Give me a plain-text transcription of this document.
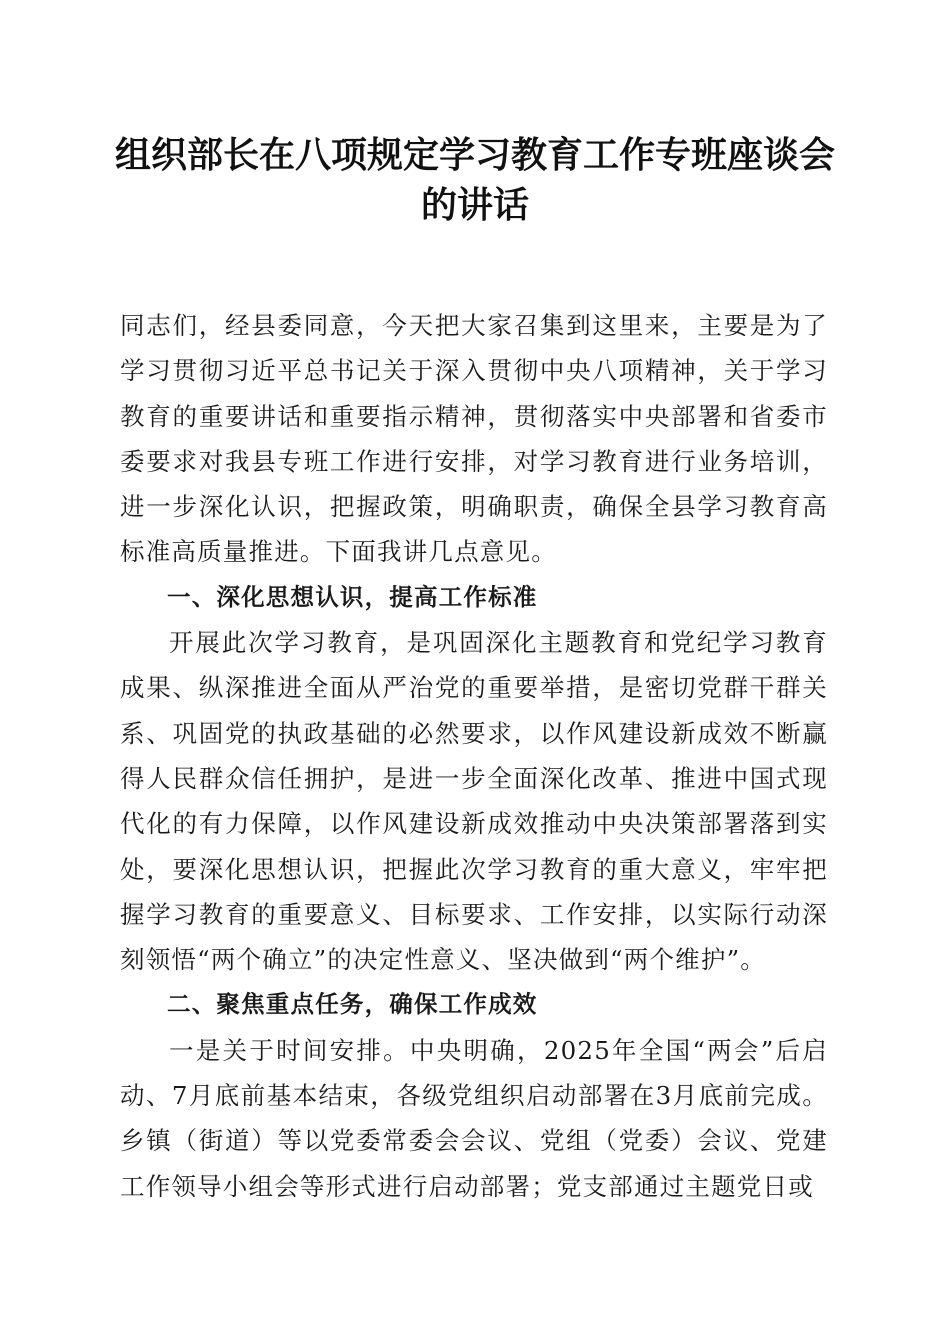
组织部长在八项规定学习教育工作专班座谈会的讲话

同志们，经县委同意，今天把大家召集到这里来，主要是为了学习贯彻习近平总书记关于深入贯彻中央八项精神，关于学习教育的重要讲话和重要指示精神，贯彻落实中央部署和省委市委要求对我县专班工作进行安排，对学习教育进行业务培训，进一步深化认识，把握政策，明确职责，确保全县学习教育高标准高质量推进。下面我讲几点意见。

一、深化思想认识，提高工作标准

开展此次学习教育，是巩固深化主题教育和党纪学习教育成果、纵深推进全面从严治党的重要举措，是密切党群干群关系、巩固党的执政基础的必然要求，以作风建设新成效不断赢得人民群众信任拥护，是进一步全面深化改革、推进中国式现代化的有力保障，以作风建设新成效推动中央决策部署落到实处，要深化思想认识，把握此次学习教育的重大意义，牢牢把握学习教育的重要意义、目标要求、工作安排，以实际行动深刻领悟“两个确立”的决定性意义、坚决做到“两个维护”。

二、聚焦重点任务，确保工作成效

一是关于时间安排。中央明确，2025年全国“两会”后启动、7月底前基本结束，各级党组织启动部署在3月底前完成。乡镇（街道）等以党委常委会会议、党组（党委）会议、党建工作领导小组会等形式进行启动部署；党支部通过主题党日或
